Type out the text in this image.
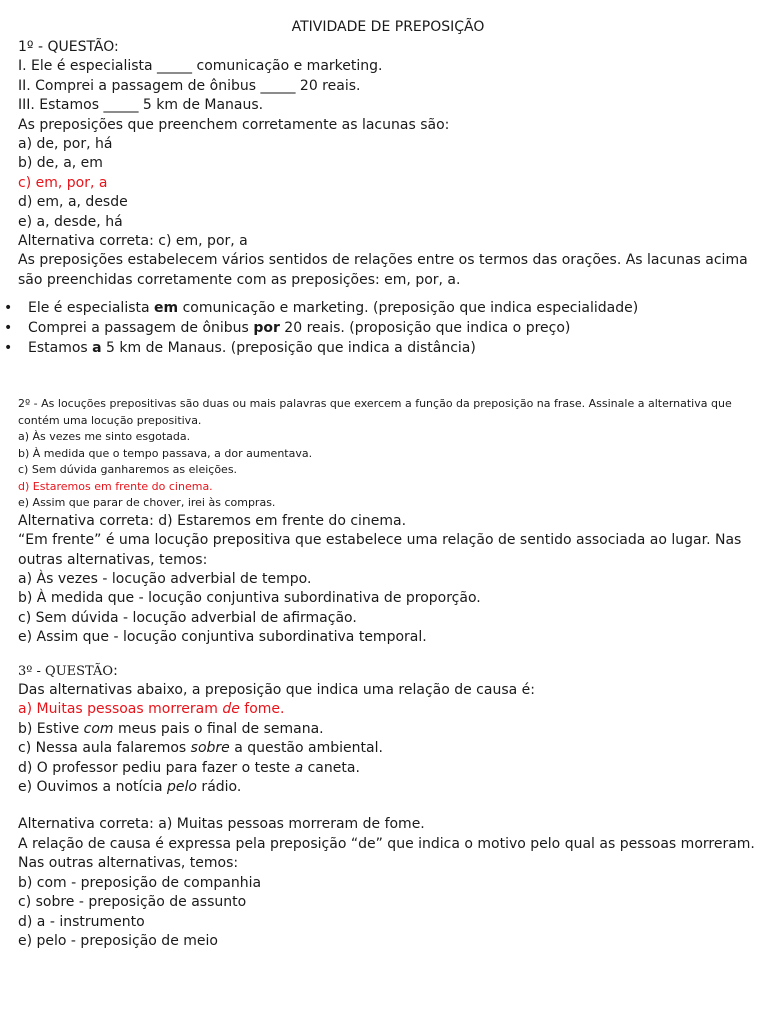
ATIVIDADE DE PREPOSIÇÃO
1º - QUESTÃO:
I. Ele é especialista _____ comunicação e marketing.
II. Comprei a passagem de ônibus _____ 20 reais.
III. Estamos _____ 5 km de Manaus.
As preposições que preenchem corretamente as lacunas são:
a) de, por, há
b) de, a, em
c) em, por, a
d) em, a, desde
e) a, desde, há
Alternativa correta: c) em, por, a
As preposições estabelecem vários sentidos de relações entre os termos das orações. As lacunas acima são preenchidas corretamente com as preposições: em, por, a.
• Ele é especialista em comunicação e marketing. (preposição que indica especialidade)
• Comprei a passagem de ônibus por 20 reais. (proposição que indica o preço)
• Estamos a 5 km de Manaus. (preposição que indica a distância)
2º - As locuções prepositivas são duas ou mais palavras que exercem a função da preposição na frase. Assinale a alternativa que contém uma locução prepositiva.
a) Às vezes me sinto esgotada.
b) À medida que o tempo passava, a dor aumentava.
c) Sem dúvida ganharemos as eleições.
d) Estaremos em frente do cinema.
e) Assim que parar de chover, irei às compras.
Alternativa correta: d) Estaremos em frente do cinema.
“Em frente” é uma locução prepositiva que estabelece uma relação de sentido associada ao lugar. Nas outras alternativas, temos:
a) Às vezes - locução adverbial de tempo.
b) À medida que - locução conjuntiva subordinativa de proporção.
c) Sem dúvida - locução adverbial de afirmação.
e) Assim que - locução conjuntiva subordinativa temporal.
3º - QUESTÃO:
Das alternativas abaixo, a preposição que indica uma relação de causa é:
a) Muitas pessoas morreram de fome.
b) Estive com meus pais o final de semana.
c) Nessa aula falaremos sobre a questão ambiental.
d) O professor pediu para fazer o teste a caneta.
e) Ouvimos a notícia pelo rádio.
Alternativa correta: a) Muitas pessoas morreram de fome.
A relação de causa é expressa pela preposição “de” que indica o motivo pelo qual as pessoas morreram.
Nas outras alternativas, temos:
b) com - preposição de companhia
c) sobre - preposição de assunto
d) a - instrumento
e) pelo - preposição de meio
